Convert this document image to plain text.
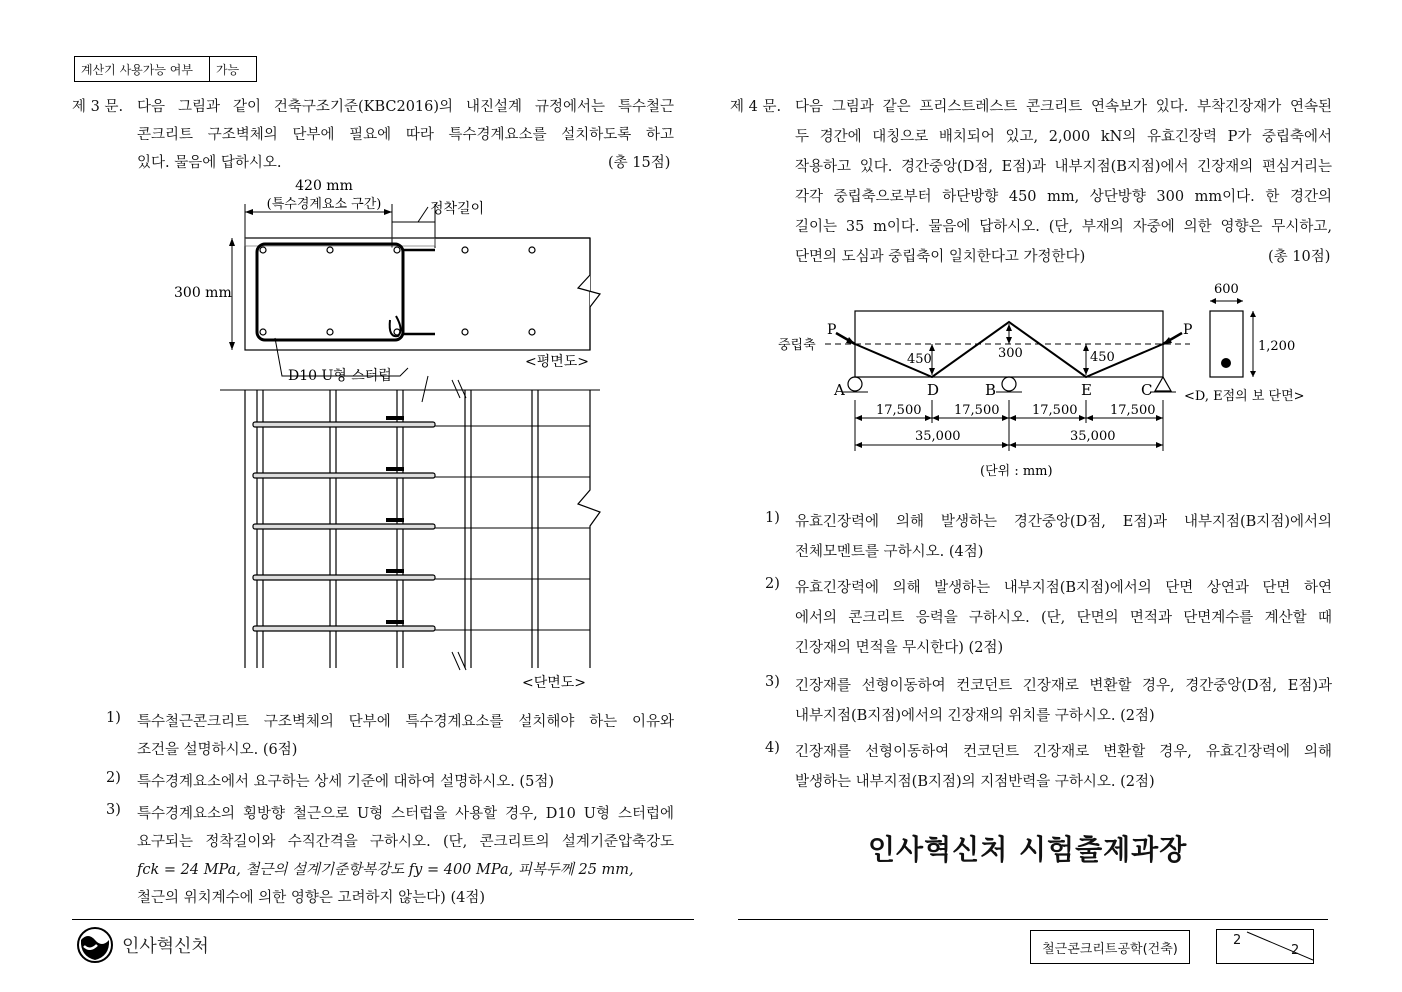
계산기 사용가능 여부	가능
제 3 문. 다음 그림과 같이 건축구조기준(KBC2016)의 내진설계 규정에서는 특수철근
콘크리트 구조벽체의 단부에 필요에 따라 특수경계요소를 설치하도록 하고
있다. 물음에 답하시오.	(총 15점)
420 mm
(특수경계요소 구간)	정착길이
300 mm
D10 U형 스터럽
<평면도>
<단면도>
1) 특수철근콘크리트 구조벽체의 단부에 특수경계요소를 설치해야 하는 이유와
조건을 설명하시오. (6점)
2) 특수경계요소에서 요구하는 상세 기준에 대하여 설명하시오. (5점)
3) 특수경계요소의 횡방향 철근으로 U형 스터럽을 사용할 경우, D10 U형 스터럽에
요구되는 정착길이와 수직간격을 구하시오. (단, 콘크리트의 설계기준압축강도
fck = 24 MPa, 철근의 설계기준항복강도 fy = 400 MPa, 피복두께 25 mm,
철근의 위치계수에 의한 영향은 고려하지 않는다) (4점)
제 4 문. 다음 그림과 같은 프리스트레스트 콘크리트 연속보가 있다. 부착긴장재가 연속된
두 경간에 대칭으로 배치되어 있고, 2,000 kN의 유효긴장력 P가 중립축에서
작용하고 있다. 경간중앙(D점, E점)과 내부지점(B지점)에서 긴장재의 편심거리는
각각 중립축으로부터 하단방향 450 mm, 상단방향 300 mm이다. 한 경간의
길이는 35 m이다. 물음에 답하시오. (단, 부재의 자중에 의한 영향은 무시하고,
단면의 도심과 중립축이 일치한다고 가정한다)	(총 10점)
중립축
P	P
450	300	450
A	D	B	E	C
17,500	17,500	17,500	17,500
35,000	35,000
(단위 : mm)
600
1,200
<D, E점의 보 단면>
1) 유효긴장력에 의해 발생하는 경간중앙(D점, E점)과 내부지점(B지점)에서의
전체모멘트를 구하시오. (4점)
2) 유효긴장력에 의해 발생하는 내부지점(B지점)에서의 단면 상연과 단면 하연
에서의 콘크리트 응력을 구하시오. (단, 단면의 면적과 단면계수를 계산할 때
긴장재의 면적을 무시한다) (2점)
3) 긴장재를 선형이동하여 컨코던트 긴장재로 변환할 경우, 경간중앙(D점, E점)과
내부지점(B지점)에서의 긴장재의 위치를 구하시오. (2점)
4) 긴장재를 선형이동하여 컨코던트 긴장재로 변환할 경우, 유효긴장력에 의해
발생하는 내부지점(B지점)의 지점반력을 구하시오. (2점)
인사혁신처 시험출제과장
인사혁신처	철근콘크리트공학(건축)
2
2
